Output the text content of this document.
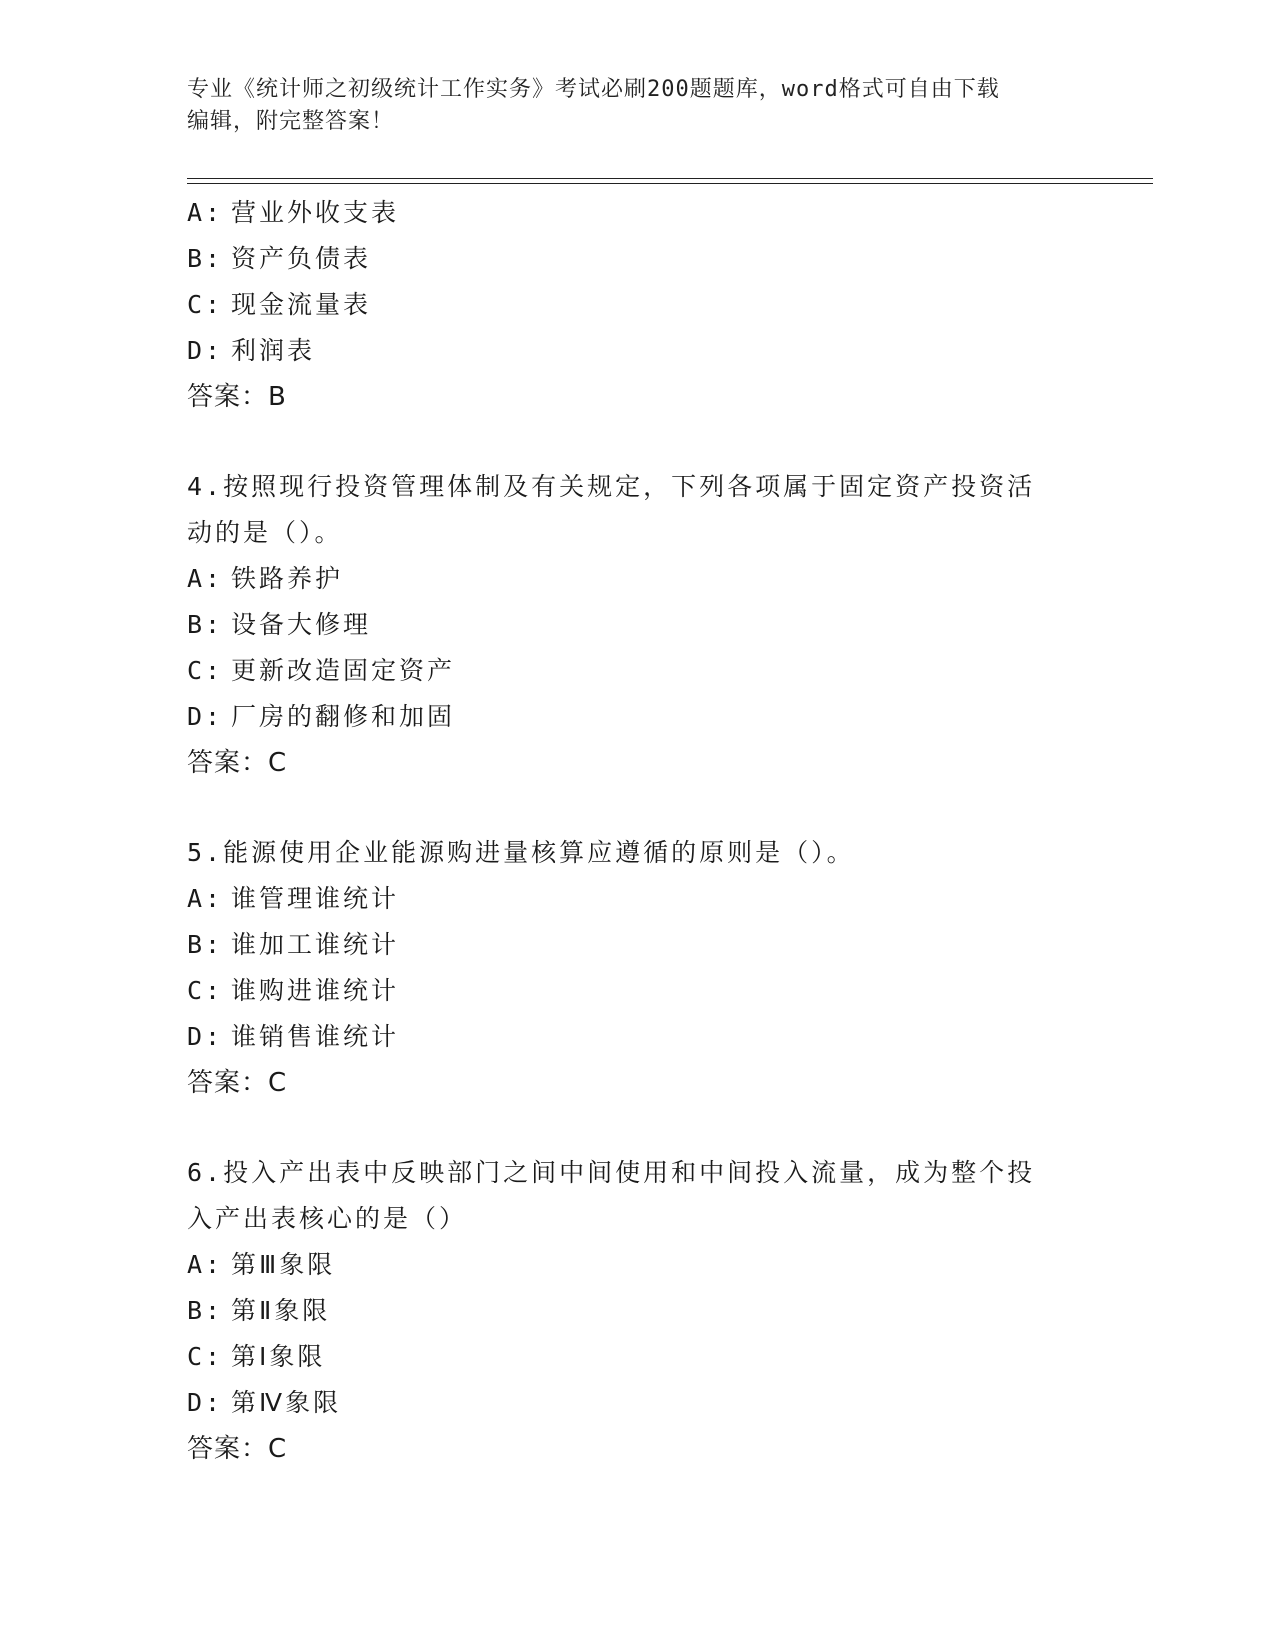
专业《统计师之初级统计工作实务》考试必刷200题题库，word格式可自由下载
编辑，附完整答案！
A: 营业外收支表
B: 资产负债表
C: 现金流量表
D: 利润表
答案：B
4.按照现行投资管理体制及有关规定，下列各项属于固定资产投资活
动的是（）。
A: 铁路养护
B: 设备大修理
C: 更新改造固定资产
D: 厂房的翻修和加固
答案：C
5.能源使用企业能源购进量核算应遵循的原则是（）。
A: 谁管理谁统计
B: 谁加工谁统计
C: 谁购进谁统计
D: 谁销售谁统计
答案：C
6.投入产出表中反映部门之间中间使用和中间投入流量，成为整个投
入产出表核心的是（）
A: 第Ⅲ象限
B: 第Ⅱ象限
C: 第Ⅰ象限
D: 第Ⅳ象限
答案：C
